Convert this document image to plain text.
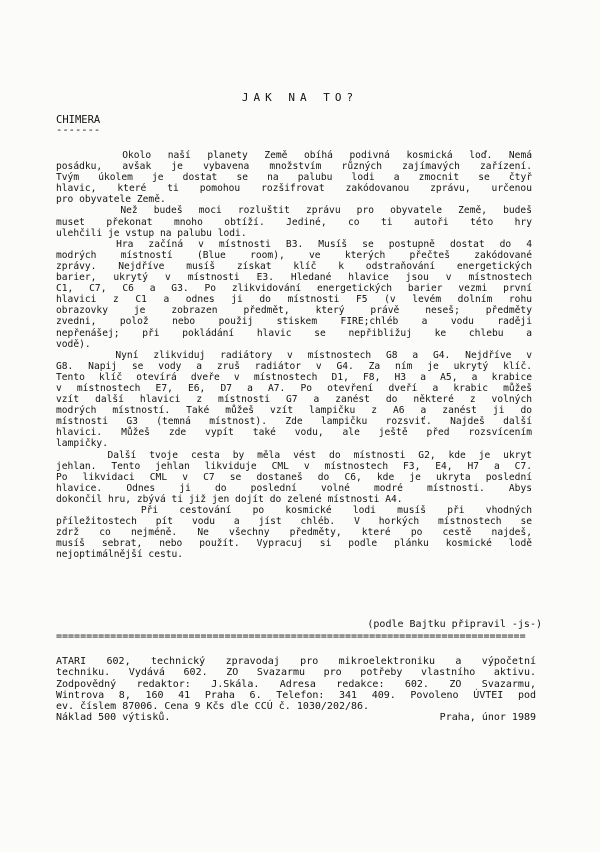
JAK NA TO?
CHIMERA
-------
Okolo naší planety Země obíhá podivná kosmická loď. Nemá
posádku, avšak je vybavena množstvím různých zajímavých zařízení.
Tvým úkolem je dostat se na palubu lodi a zmocnit se čtyř
hlavic, které ti pomohou rozšifrovat zakódovanou zprávu, určenou
pro obyvatele Země.
Než budeš moci rozluštit zprávu pro obyvatele Země, budeš
muset překonat mnoho obtíží. Jediné, co ti autoři této hry
ulehčili je vstup na palubu lodi.
Hra začíná v místnosti B3. Musíš se postupně dostat do 4
modrých místností (Blue room), ve kterých přečteš zakódované
zprávy. Nejdříve musíš získat klíč k odstraňování energetických
barier, ukrytý v místnosti E3. Hledané hlavice jsou v místnostech
C1, C7, C6 a G3. Po zlikvidování energetických barier vezmi první
hlavici z C1 a odnes ji do místnosti F5 (v levém dolním rohu
obrazovky je zobrazen předmět, který právě neseš; předměty
zvedni, polož nebo použij stiskem FIRE;chléb a vodu raději
nepřenášej; při pokládání hlavic se nepřibližuj ke chlebu a
vodě).
Nyní zlikviduj radiátory v místnostech G8 a G4. Nejdříve v
G8. Napij se vody a zruš radiátor v G4. Za ním je ukrytý klíč.
Tento klíč otevírá dveře v místnostech D1, F8, H3 a A5, a krabice
v místnostech E7, E6, D7 a A7. Po otevření dveří a krabic můžeš
vzít další hlavici z místnosti G7 a zanést do některé z volných
modrých místností. Také můžeš vzít lampičku z A6 a zanést ji do
místnosti G3 (temná místnost). Zde lampičku rozsviť. Najdeš další
hlavici. Můžeš zde vypít také vodu, ale ještě před rozsvícením
lampičky.
Další tvoje cesta by měla vést do místnosti G2, kde je ukryt
jehlan. Tento jehlan likviduje CML v místnostech F3, E4, H7 a C7.
Po likvidaci CML v C7 se dostaneš do C6, kde je ukryta poslední
hlavice. Odnes ji do poslední volné modré místnosti. Abys
dokončil hru, zbývá ti již jen dojít do zelené místnosti A4.
Při cestování po kosmické lodi musíš při vhodných
příležitostech pít vodu a jíst chléb. V horkých místnostech se
zdrž co nejméně. Ne všechny předměty, které po cestě najdeš,
musíš sebrat, nebo použít. Vypracuj si podle plánku kosmické lodě
nejoptimálnější cestu.
(podle Bajtku připravil -js-)
==============================================================================
ATARI 602, technický zpravodaj pro mikroelektroniku a výpočetní
techniku. Vydává 602. ZO Svazarmu pro potřeby vlastního aktivu.
Zodpovědný redaktor: J.Skála. Adresa redakce: 602. ZO Svazarmu,
Wintrova 8, 160 41 Praha 6. Telefon: 341 409. Povoleno ÚVTEI pod
ev. číslem 87006. Cena 9 Kčs dle CCÚ č. 1030/202/86.
Náklad 500 výtisků.	Praha, únor 1989
